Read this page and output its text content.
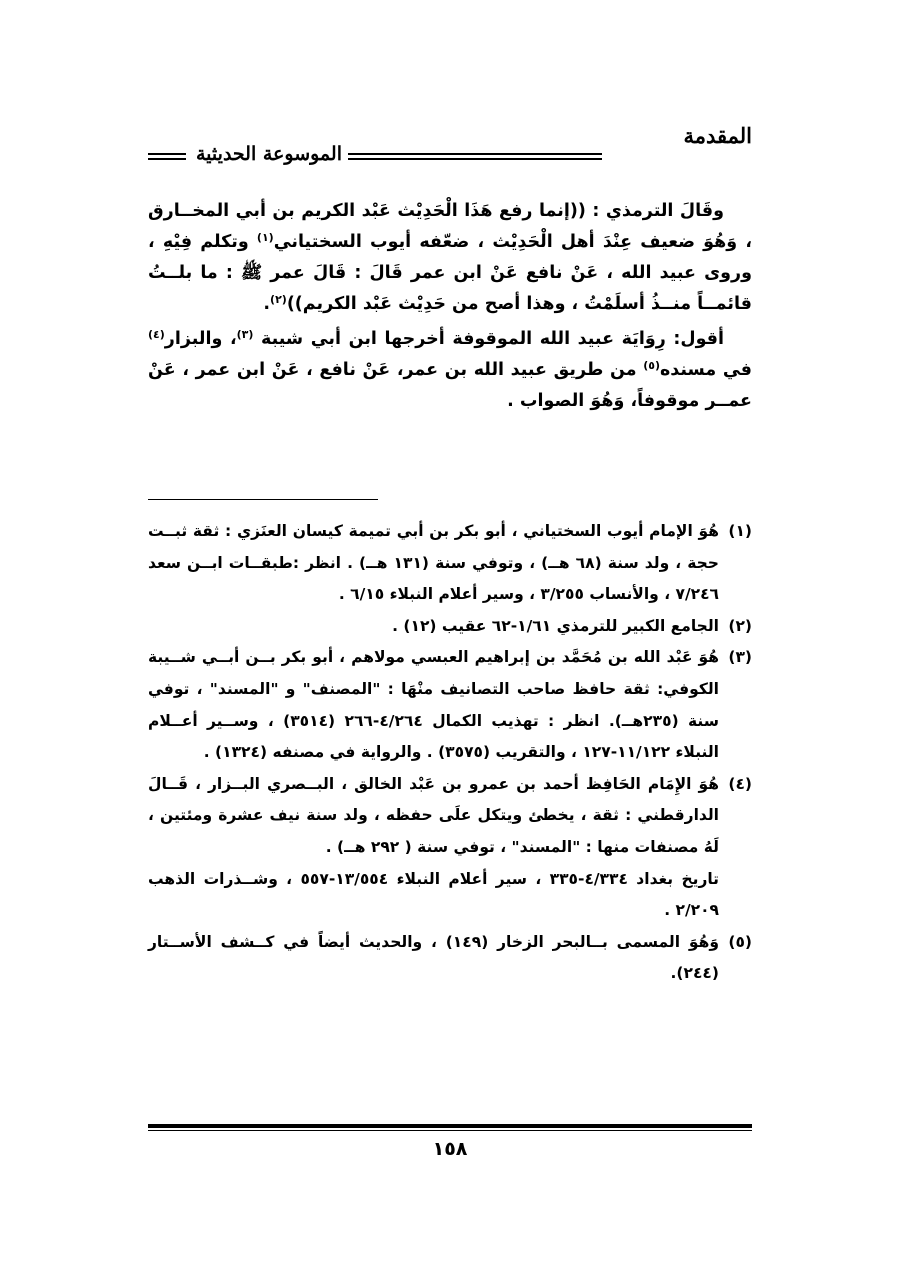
المقدمة
الموسوعة الحديثية

وقَالَ الترمذي : ((إنما رفع هَذَا الْحَدِيْث عَبْد الكريم بن أبي المخــارق ، وَهُوَ ضعيف عِنْدَ أهل الْحَدِيْث ، ضعّفه أيوب السختياني$^{(١)}$ وتكلم فِيْهِ ، وروى عبيد الله ، عَنْ نافع عَنْ ابن عمر قَالَ : قَالَ عمر ﷺ : ما بلــتُ قائمــاً منــذُ أسلَمْتُ ، وهذا أصح من حَدِيْث عَبْد الكريم))$^{(٢)}$.

أقول: رِوَايَة عبيد الله الموقوفة أخرجها ابن أبي شيبة $^{(٣)}$، والبزار$^{(٤)}$ في مسنده$^{(٥)}$ من طريق عبيد الله بن عمر، عَنْ نافع ، عَنْ ابن عمر ، عَنْ عمــر موقوفاً، وَهُوَ الصواب .

(١)
هُوَ الإمام أيوب السختياني ، أبو بكر بن أبي تميمة كيسان العنَزي : ثقة ثبــت حجة ، ولد سنة (٦٨ هــ) ، وتوفي سنة (١٣١ هــ) . انظر :طبقــات ابــن سعد ٧/٢٤٦ ، والأنساب ٣/٢٥٥ ، وسير أعلام النبلاء ٦/١٥ .
(٢)
الجامع الكبير للترمذي ١/٦١-٦٢ عقيب (١٢) .
(٣)
هُوَ عَبْد الله بن مُحَمَّد بن إبراهيم العبسي مولاهم ، أبو بكر بــن أبــي شــيبة الكوفي: ثقة حافظ صاحب التصانيف منْهَا : "المصنف" و "المسند" ، توفي سنة (٢٣٥هــ). انظر : تهذيب الكمال ٤/٢٦٤-٢٦٦ (٣٥١٤) ، وســير أعــلام النبلاء ١١/١٢٢-١٢٧ ، والتقريب (٣٥٧٥) . والرواية في مصنفه (١٣٢٤) .
(٤)
هُوَ الإِمَام الحَافِظ أحمد بن عمرو بن عَبْد الخالق ، البــصري البــزار ، قَــالَ الدارقطني : ثقة ، يخطئ ويتكل علَى حفظه ، ولد سنة نيف عشرة ومئتين ، لَهُ مصنفات منها : "المسند" ، توفي سنة ( ٢٩٢ هــ) .
تاريخ بغداد ٤/٣٣٤-٣٣٥ ، سير أعلام النبلاء ١٣/٥٥٤-٥٥٧ ، وشــذرات الذهب ٢/٢٠٩ .
(٥)
وَهُوَ المسمى بــالبحر الزخار (١٤٩) ، والحديث أيضاً في كــشف الأســتار (٢٤٤).
١٥٨
